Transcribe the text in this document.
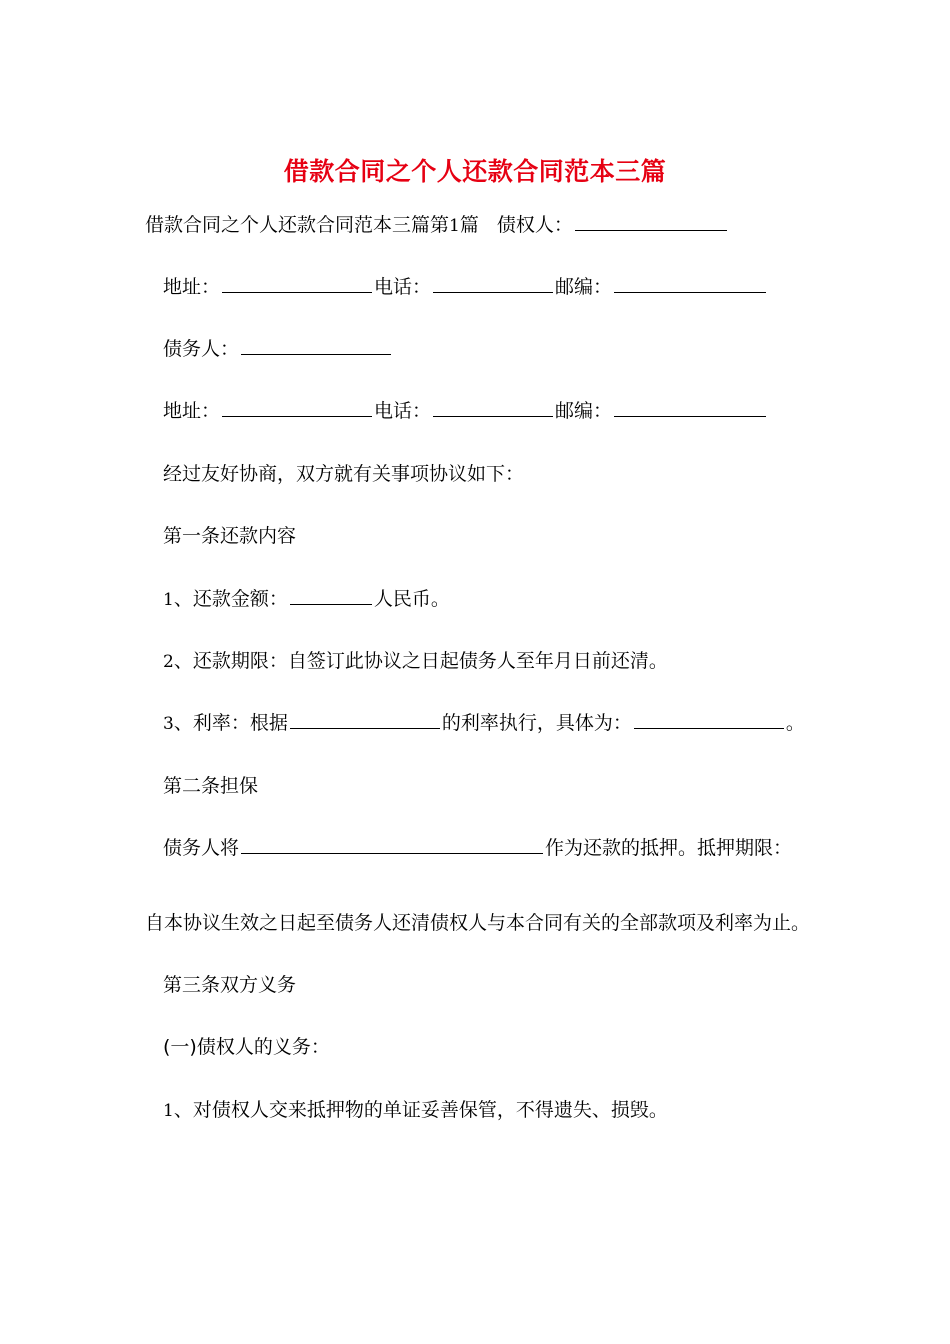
借款合同之个人还款合同范本三篇
借款合同之个人还款合同范本三篇第1篇 债权人：
地址：	电话：	邮编：
债务人：
地址：	电话：	邮编：
经过友好协商，双方就有关事项协议如下：
第一条还款内容
1、还款金额：	人民币。
2、还款期限：自签订此协议之日起债务人至年月日前还清。
3、利率：根据	的利率执行，具体为：	。
第二条担保
债务人将	作为还款的抵押。抵押期限：
自本协议生效之日起至债务人还清债权人与本合同有关的全部款项及利率为止。
第三条双方义务
(一)债权人的义务：
1、对债权人交来抵押物的单证妥善保管，不得遗失、损毁。
